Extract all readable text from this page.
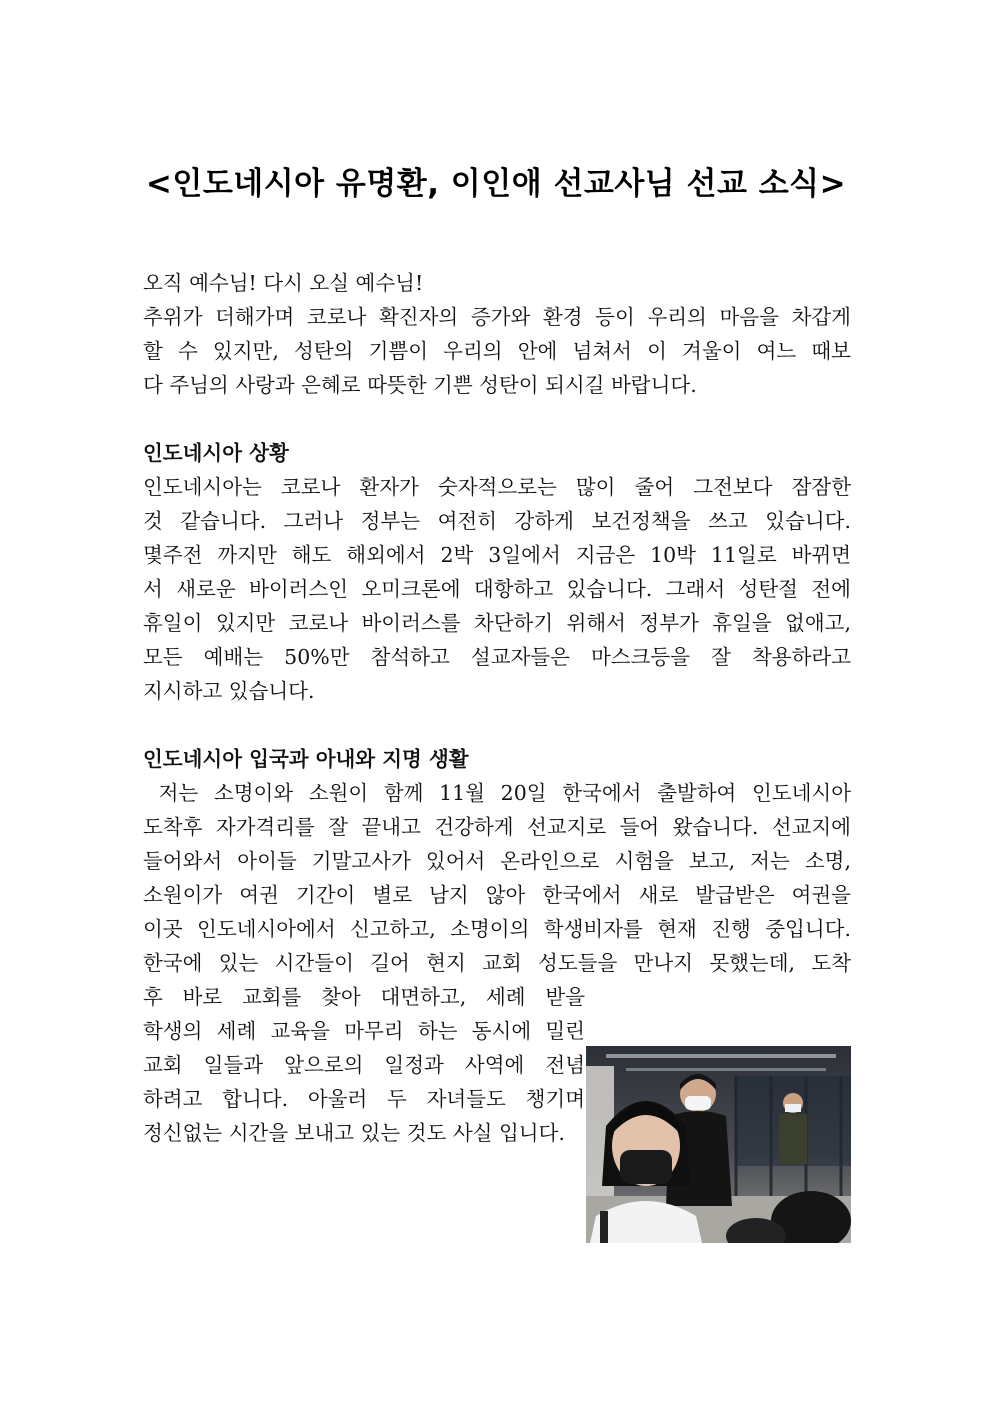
<인도네시아 유명환, 이인애 선교사님 선교 소식>
오직 예수님! 다시 오실 예수님!
추위가 더해가며 코로나 확진자의 증가와 환경 등이 우리의 마음을 차갑게
할 수 있지만, 성탄의 기쁨이 우리의 안에 넘쳐서 이 겨울이 여느 때보
다 주님의 사랑과 은혜로 따뜻한 기쁜 성탄이 되시길 바랍니다.
인도네시아 상황
인도네시아는 코로나 환자가 숫자적으로는 많이 줄어 그전보다 잠잠한
것 같습니다. 그러나 정부는 여전히 강하게 보건정책을 쓰고 있습니다.
몇주전 까지만 해도 해외에서 2박 3일에서 지금은 10박 11일로 바뀌면
서 새로운 바이러스인 오미크론에 대항하고 있습니다. 그래서 성탄절 전에
휴일이 있지만 코로나 바이러스를 차단하기 위해서 정부가 휴일을 없애고,
모든 예배는 50%만 참석하고 설교자들은 마스크등을 잘 착용하라고
지시하고 있습니다.
인도네시아 입국과 아내와 지명 생활
저는 소명이와 소원이 함께 11월 20일 한국에서 출발하여 인도네시아
도착후 자가격리를 잘 끝내고 건강하게 선교지로 들어 왔습니다. 선교지에
들어와서 아이들 기말고사가 있어서 온라인으로 시험을 보고, 저는 소명,
소원이가 여권 기간이 별로 남지 않아 한국에서 새로 발급받은 여권을
이곳 인도네시아에서 신고하고, 소명이의 학생비자를 현재 진행 중입니다.
한국에 있는 시간들이 길어 현지 교회 성도들을 만나지 못했는데, 도착
후 바로 교회를 찾아 대면하고, 세례 받을
학생의 세례 교육을 마무리 하는 동시에 밀린
교회 일들과 앞으로의 일정과 사역에 전념
하려고 합니다. 아울러 두 자녀들도 챙기며
정신없는 시간을 보내고 있는 것도 사실 입니다.
